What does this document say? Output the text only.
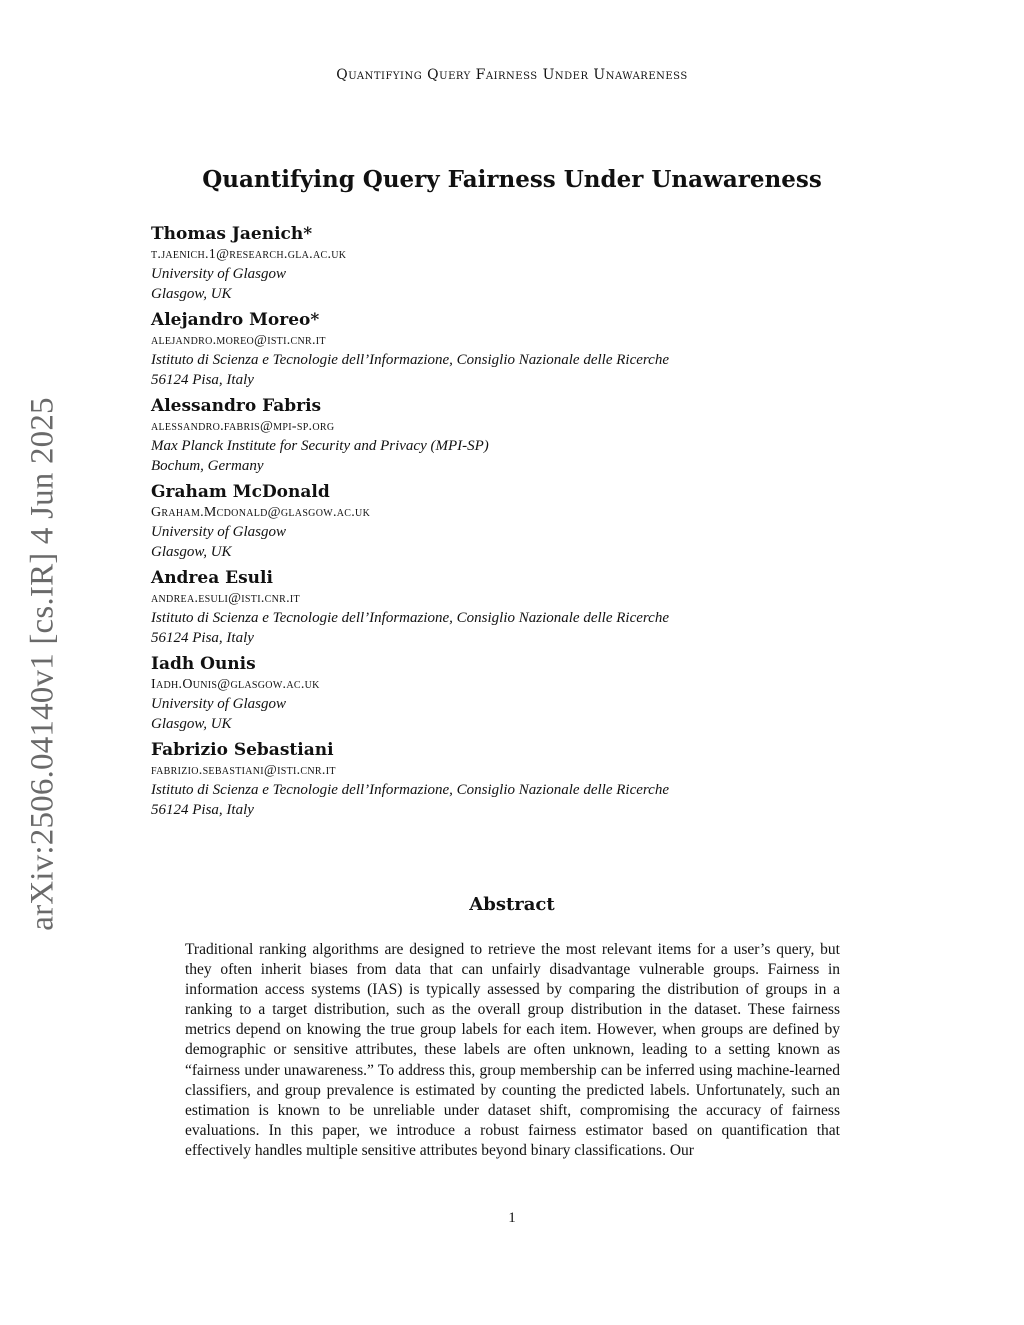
Quantifying Query Fairness Under Unawareness
Quantifying Query Fairness Under Unawareness
arXiv:2506.04140v1 [cs.IR] 4 Jun 2025
Thomas Jaenich*
t.jaenich.1@research.gla.ac.uk
University of Glasgow
Glasgow, UK
Alejandro Moreo*
alejandro.moreo@isti.cnr.it
Istituto di Scienza e Tecnologie dell’Informazione, Consiglio Nazionale delle Ricerche
56124 Pisa, Italy
Alessandro Fabris
alessandro.fabris@mpi-sp.org
Max Planck Institute for Security and Privacy (MPI-SP)
Bochum, Germany
Graham McDonald
Graham.Mcdonald@glasgow.ac.uk
University of Glasgow
Glasgow, UK
Andrea Esuli
andrea.esuli@isti.cnr.it
Istituto di Scienza e Tecnologie dell’Informazione, Consiglio Nazionale delle Ricerche
56124 Pisa, Italy
Iadh Ounis
Iadh.Ounis@glasgow.ac.uk
University of Glasgow
Glasgow, UK
Fabrizio Sebastiani
fabrizio.sebastiani@isti.cnr.it
Istituto di Scienza e Tecnologie dell’Informazione, Consiglio Nazionale delle Ricerche
56124 Pisa, Italy
Abstract

Traditional ranking algorithms are designed to retrieve the most relevant items for a user’s query, but they often inherit biases from data that can unfairly disadvantage vulnerable groups. Fairness in information access systems (IAS) is typically assessed by comparing the distribution of groups in a ranking to a target distribution, such as the overall group distribution in the dataset. These fairness metrics depend on knowing the true group labels for each item. However, when groups are defined by demographic or sensitive attributes, these labels are often unknown, leading to a setting known as “fairness under unawareness.” To address this, group membership can be inferred using machine-learned classifiers, and group prevalence is estimated by counting the predicted labels. Unfortunately, such an estimation is known to be unreliable under dataset shift, compromising the accuracy of fairness evaluations. In this paper, we introduce a robust fairness estimator based on quantification that effectively handles multiple sensitive attributes beyond binary classifications. Our

1
